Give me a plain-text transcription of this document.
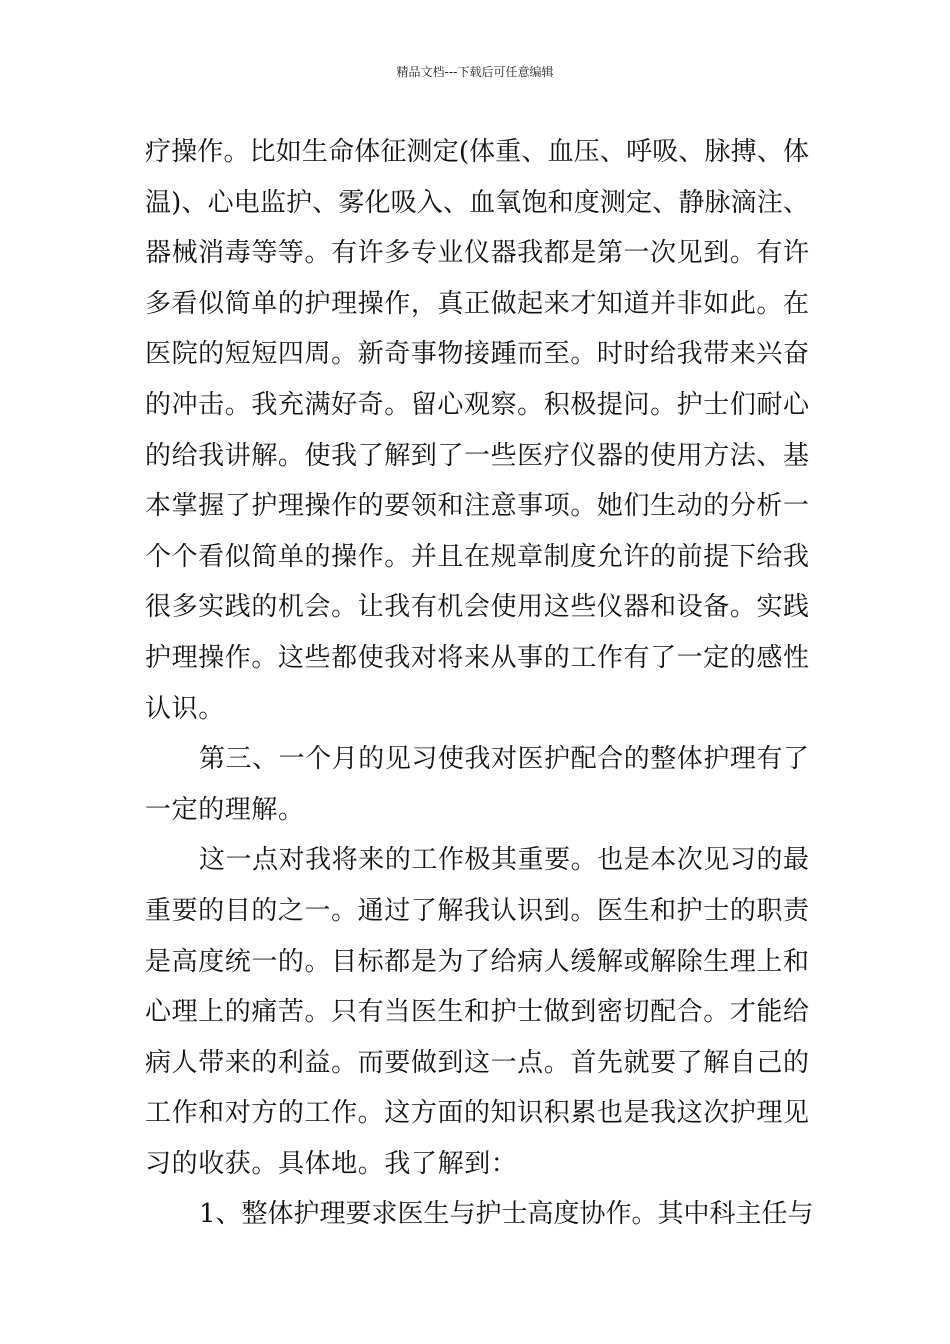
精品文档---下载后可任意编辑
疗操作。比如生命体征测定(体重、血压、呼吸、脉搏、体
温)、心电监护、雾化吸入、血氧饱和度测定、静脉滴注、
器械消毒等等。有许多专业仪器我都是第一次见到。有许
多看似简单的护理操作，真正做起来才知道并非如此。在
医院的短短四周。新奇事物接踵而至。时时给我带来兴奋
的冲击。我充满好奇。留心观察。积极提问。护士们耐心
的给我讲解。使我了解到了一些医疗仪器的使用方法、基
本掌握了护理操作的要领和注意事项。她们生动的分析一
个个看似简单的操作。并且在规章制度允许的前提下给我
很多实践的机会。让我有机会使用这些仪器和设备。实践
护理操作。这些都使我对将来从事的工作有了一定的感性
认识。
第三、一个月的见习使我对医护配合的整体护理有了
一定的理解。
这一点对我将来的工作极其重要。也是本次见习的最
重要的目的之一。通过了解我认识到。医生和护士的职责
是高度统一的。目标都是为了给病人缓解或解除生理上和
心理上的痛苦。只有当医生和护士做到密切配合。才能给
病人带来的利益。而要做到这一点。首先就要了解自己的
工作和对方的工作。这方面的知识积累也是我这次护理见
习的收获。具体地。我了解到：
1、整体护理要求医生与护士高度协作。其中科主任与
